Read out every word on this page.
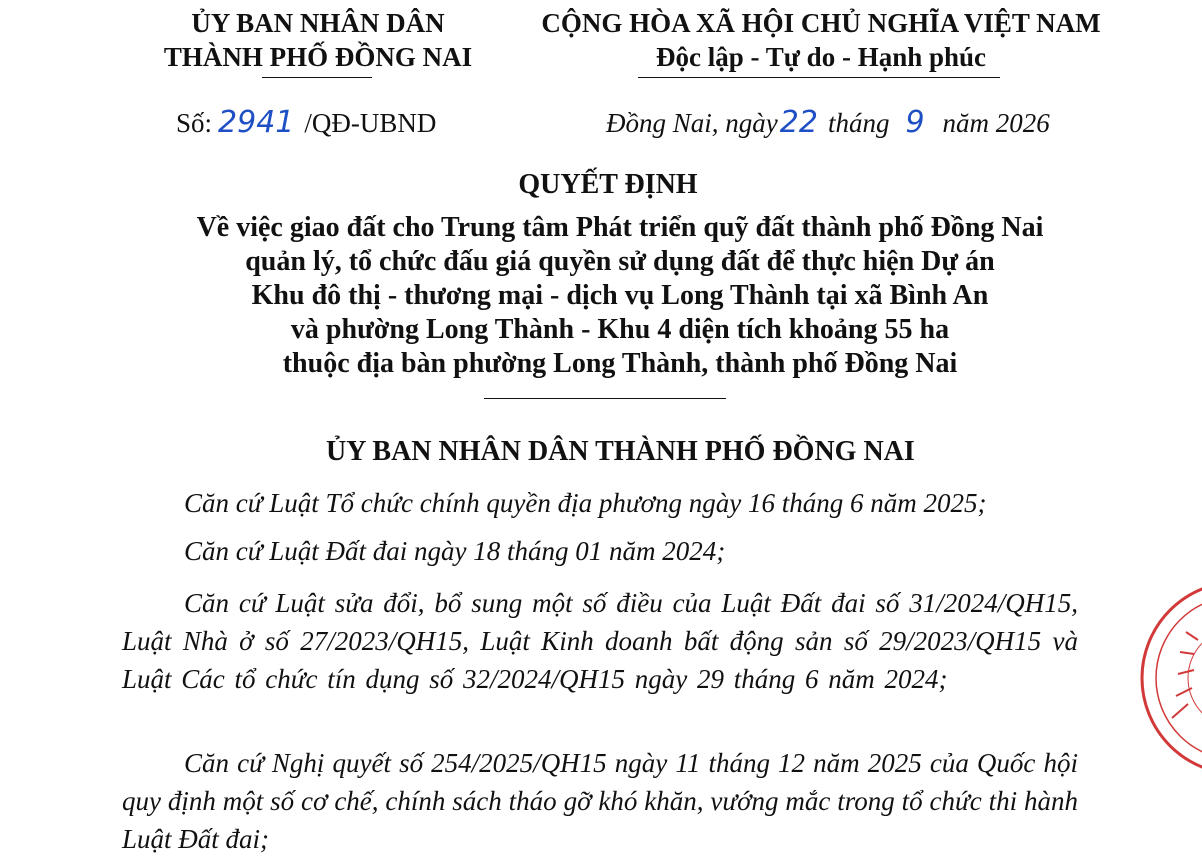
ỦY BAN NHÂN DÂN
THÀNH PHỐ ĐỒNG NAI
CỘNG HÒA XÃ HỘI CHỦ NGHĨA VIỆT NAM
Độc lập - Tự do - Hạnh phúc
Số: 2941 /QĐ-UBND	Đồng Nai, ngày22 tháng 9 năm 2026
QUYẾT ĐỊNH
Về việc giao đất cho Trung tâm Phát triển quỹ đất thành phố Đồng Nai
quản lý, tổ chức đấu giá quyền sử dụng đất để thực hiện Dự án
Khu đô thị - thương mại - dịch vụ Long Thành tại xã Bình An
và phường Long Thành - Khu 4 diện tích khoảng 55 ha
thuộc địa bàn phường Long Thành, thành phố Đồng Nai
ỦY BAN NHÂN DÂN THÀNH PHỐ ĐỒNG NAI
Căn cứ Luật Tổ chức chính quyền địa phương ngày 16 tháng 6 năm 2025;
Căn cứ Luật Đất đai ngày 18 tháng 01 năm 2024;
Căn cứ Luật sửa đổi, bổ sung một số điều của Luật Đất đai số 31/2024/QH15, Luật Nhà ở số 27/2023/QH15, Luật Kinh doanh bất động sản số 29/2023/QH15 và Luật Các tổ chức tín dụng số 32/2024/QH15 ngày 29 tháng 6 năm 2024;
Căn cứ Nghị quyết số 254/2025/QH15 ngày 11 tháng 12 năm 2025 của Quốc hội quy định một số cơ chế, chính sách tháo gỡ khó khăn, vướng mắc trong tổ chức thi hành Luật Đất đai;
